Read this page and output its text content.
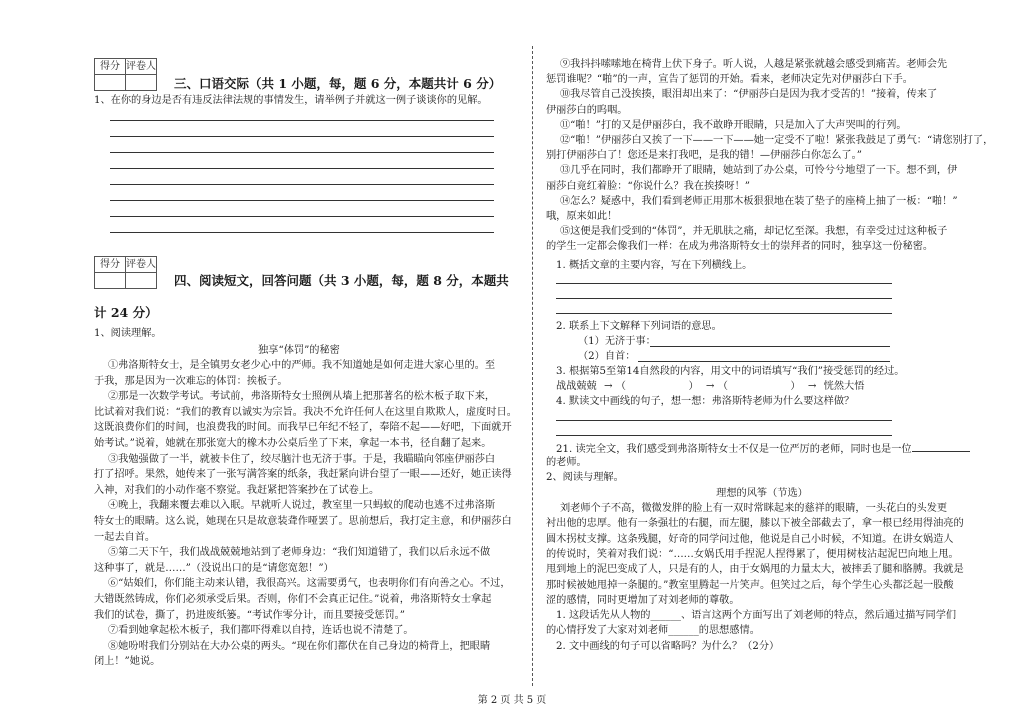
得分	评卷人

三、口语交际（共 1 小题，每，题 6 分，本题共计 6 分）
1、在你的身边是否有违反法律法规的事情发生，请举例子并就这一例子谈谈你的见解。
得分	评卷人

四、阅读短文，回答问题（共 3 小题，每，题 8 分，本题共
计 24 分）
1、阅读理解。
独享“体罚”的秘密
①弗洛斯特女士，是全镇男女老少心中的严师。我不知道她是如何走进大家心里的。至
于我，那是因为一次难忘的体罚：挨板子。
②那是一次数学考试。考试前，弗洛斯特女士照例从墙上把那著名的松木板子取下来，
比试着对我们说：“我们的教育以诚实为宗旨。我决不允许任何人在这里自欺欺人，虚度时日。
这既浪费你们的时间，也浪费我的时间。而我早已年纪不轻了，奉陪不起——好吧，下面就开
始考试。”说着，她就在那张宽大的橡木办公桌后坐了下来，拿起一本书，径自翻了起来。
③我勉强做了一半，就被卡住了，绞尽脑汁也无济于事。于是，我瞄瞄向邻座伊丽莎白
打了招呼。果然，她传来了一张写满答案的纸条，我赶紧向讲台望了一眼——还好，她正读得
入神，对我们的小动作毫不察觉。我赶紧把答案抄在了试卷上。
④晚上，我翻来覆去难以入眠。早就听人说过，教室里一只蚂蚁的爬动也逃不过弗洛斯
特女士的眼睛。这么说，她现在只是故意装聋作哑罢了。思前想后，我打定主意，和伊丽莎白
一起去自首。
⑤第二天下午，我们战战兢兢地站到了老师身边：“我们知道错了，我们以后永远不做
这种事了，就是……”（没说出口的是“请您宽恕！”）
⑥“姑娘们，你们能主动来认错，我很高兴。这需要勇气，也表明你们有向善之心。不过，
大错既然铸成，你们必须承受后果。否则，你们不会真正记住。”说着，弗洛斯特女士拿起
我们的试卷，撕了，扔进废纸篓。“考试作零分计，而且要接受惩罚。”
⑦看到她拿起松木板子，我们都吓得难以自持，连话也说不清楚了。
⑧她吩咐我们分别站在大办公桌的两头。“现在你们都伏在自己身边的椅背上，把眼睛
闭上！”她说。
⑨我抖抖嗦嗦地在椅背上伏下身子。听人说，人越是紧张就越会感受到痛苦。老师会先
惩罚谁呢？“啪”的一声，宣告了惩罚的开始。看来，老师决定先对伊丽莎白下手。
⑩我尽管自己没挨揍，眼泪却出来了：“伊丽莎白是因为我才受苦的！”接着，传来了
伊丽莎白的呜咽。
⑪“啪！”打的又是伊丽莎白，我不敢睁开眼睛，只是加入了大声哭叫的行列。
⑫“啪！”伊丽莎白又挨了一下——一下——她一定受不了啦！紧张我鼓足了勇气：“请您别打了，
别打伊丽莎白了！您还是来打我吧，是我的错！—伊丽莎白你怎么了。”
⑬几乎在同时，我们都睁开了眼睛，她站到了办公桌，可怜兮兮地望了一下。想不到，伊
丽莎白竟红着脸：“你说什么？我在挨揍呀！”
⑭怎么？疑惑中，我们看到老师正用那木板狠狠地在装了垫子的座椅上抽了一板：“啪！”
哦，原来如此！
⑮这便是我们受到的“体罚”，并无肌肤之痛，却记忆至深。我想，有幸受过过这种板子
的学生一定都会像我们一样：在成为弗洛斯特女士的崇拜者的同时，独享这一份秘密。
1. 概括文章的主要内容，写在下列横线上。
2. 联系上下文解释下列词语的意思。
（1）无济于事：
（2）自首：
3. 根据第5至第14自然段的内容，用文中的词语填写“我们”接受惩罚的经过。
战战兢兢 → （	） → （	） → 恍然大悟
4. 默读文中画线的句子，想一想：弗洛斯特老师为什么要这样做？
21. 读完全文，我们感受到弗洛斯特女士不仅是一位严厉的老师，同时也是一位
的老师。
2、阅读与理解。
理想的风筝（节选）
刘老师个子不高，微微发胖的脸上有一双时常眯起来的慈祥的眼睛，一头花白的头发更
衬出他的忠厚。他有一条强壮的右腿，而左腿，膝以下被全部截去了，拿一根已经用得油亮的
圆木拐杖支撑。这条残腿，好奇的同学问过他，他说是自己小时候，不知道。在讲女娲造人
的传说时，笑着对我们说：“……女娲氏用手捏泥人捏得累了，便用树枝沾起泥巴向地上甩。
甩到地上的泥巴变成了人，只是有的人，由于女娲甩的力量太大，被摔丢了腿和胳膊。我就是
那时候被她甩掉一条腿的。”教室里腾起一片笑声。但笑过之后，每个学生心头都泛起一股酸
涩的感情，同时更增加了对刘老师的尊敬。
1. 这段话先从人物的______、语言这两个方面写出了刘老师的特点，然后通过描写同学们
的心情抒发了大家对刘老师______的思想感情。
2. 文中画线的句子可以省略吗？为什么？（2分）
第 2 页 共 5 页
